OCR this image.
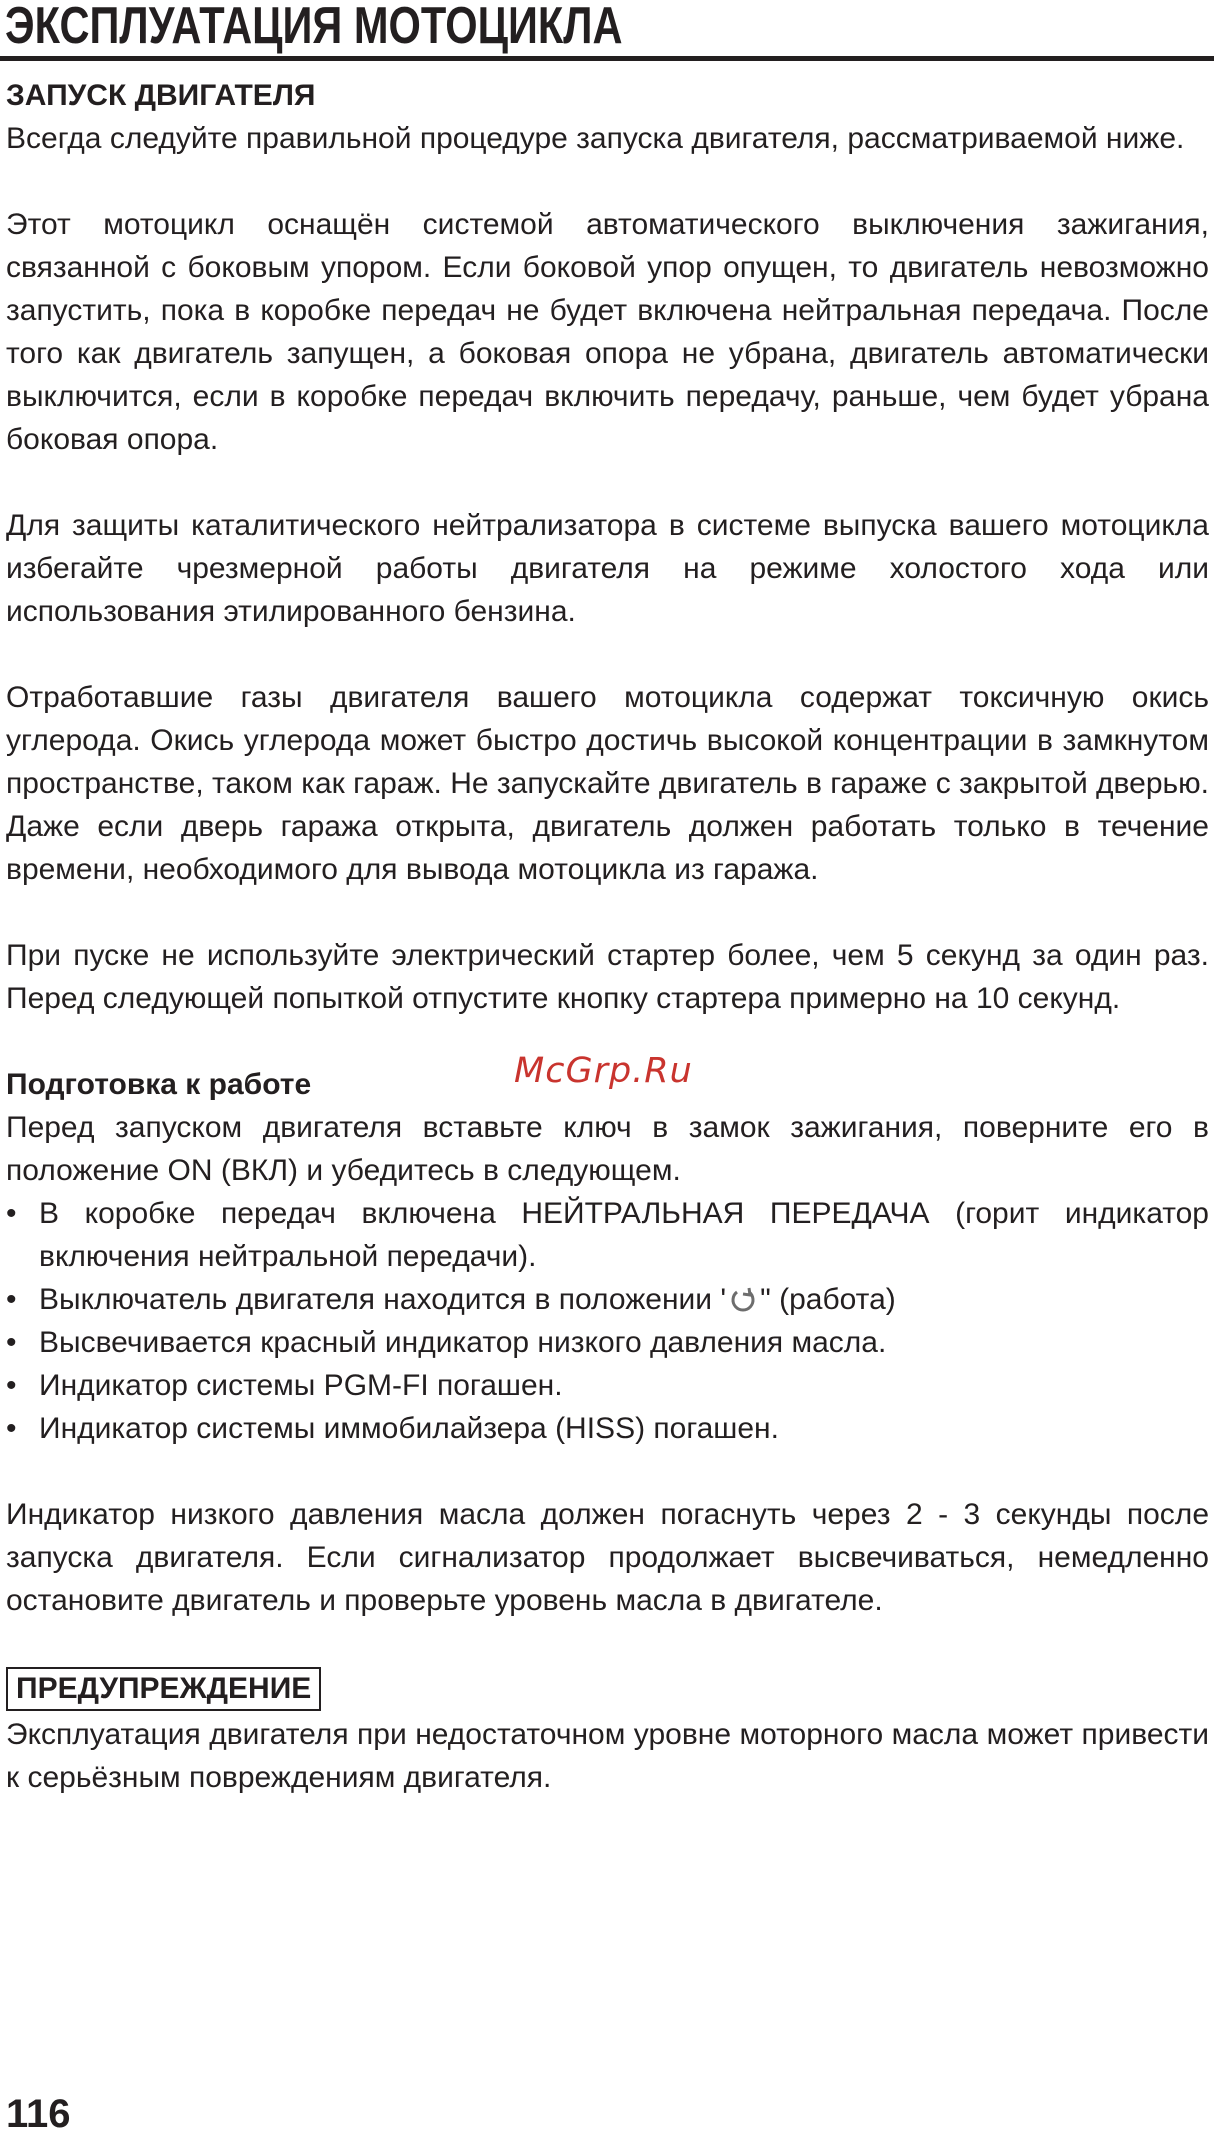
ЭКСПЛУАТАЦИЯ МОТОЦИКЛА

ЗАПУСК ДВИГАТЕЛЯ

Всегда следуйте правильной процедуре запуска двигателя, рассматриваемой ниже.

Этот мотоцикл оснащён системой автоматического выключения зажигания, связанной с боковым упором. Если боковой упор опущен, то двигатель невозможно запустить, пока в коробке передач не будет включена нейтральная передача. После того как двигатель запущен, а боковая опора не убрана, двигатель автоматически выключится, если в коробке передач включить передачу, раньше, чем будет убрана боковая опора.

Для защиты каталитического нейтрализатора в системе выпуска вашего мотоцикла избегайте чрезмерной работы двигателя на режиме холостого хода или использования этилированного бензина.

Отработавшие газы двигателя вашего мотоцикла содержат токсичную окись углерода. Окись углерода может быстро достичь высокой концентрации в замкнутом пространстве, таком как гараж. Не запускайте двигатель в гараже с закрытой дверью. Даже если дверь гаража открыта, двигатель должен работать только в течение времени, необходимого для вывода мотоцикла из гаража.

При пуске не используйте электрический стартер более, чем 5 секунд за один раз. Перед следующей попыткой отпустите кнопку стартера примерно на 10 секунд.

Подготовка к работе

Перед запуском двигателя вставьте ключ в замок зажигания, поверните его в положение ON (ВКЛ) и убедитесь в следующем.

• В коробке передач включена НЕЙТРАЛЬНАЯ ПЕРЕДАЧА (горит индикатор включения нейтральной передачи).
• Выключатель двигателя находится в положении ' " (работа)
• Высвечивается красный индикатор низкого давления масла.
• Индикатор системы PGM-FI погашен.
• Индикатор системы иммобилайзера (HISS) погашен.

Индикатор низкого давления масла должен погаснуть через 2 - 3 секунды после запуска двигателя. Если сигнализатор продолжает высвечиваться, немедленно остановите двигатель и проверьте уровень масла в двигателе.

ПРЕДУПРЕЖДЕНИЕ

Эксплуатация двигателя при недостаточном уровне моторного масла может привести к серьёзным повреждениям двигателя.

McGrp.Ru
116
